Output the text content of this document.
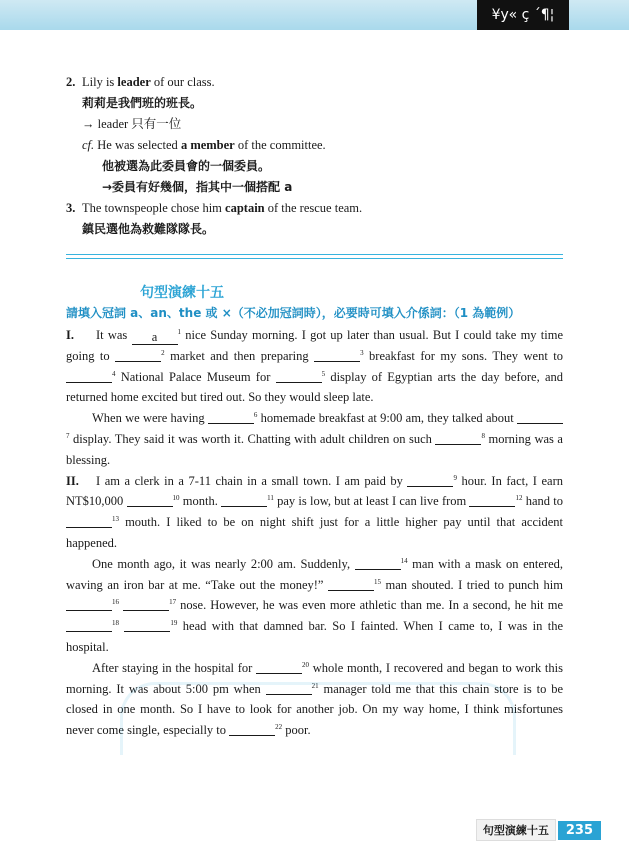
¥y« ç ´¶¦
2. Lily is leader of our class.
莉莉是我們班的班長。
→ leader 只有一位
cf. He was selected a member of the committee.
他被選為此委員會的一個委員。
→委員有好幾個，指其中一個搭配 a
3. The townspeople chose him captain of the rescue team.
鎮民選他為救難隊隊長。
句型演練十五
請填入冠詞 a、an、the 或 ×（不必加冠詞時），必要時可填入介係詞：（1 為範例）

I. It was a	$^1$ nice Sunday morning. I got up later than usual. But I could take my time going to	$^2$ market and then preparing	$^3$ breakfast for my sons. They went to $^4$ National Palace Museum for	$^5$ display of Egyptian arts the day before, and returned home excited but tired out. So they would sleep late.

When we were having	$^6$ homemade breakfast at 9:00 am, they talked about $^7$ display. They said it was worth it. Chatting with adult children on such	$^8$ morning was a blessing.

II. I am a clerk in a 7-11 chain in a small town. I am paid by	$^9$ hour. In fact, I earn NT$10,000	$^{10}$ month.	$^{11}$ pay is low, but at least I can live from	$^{12}$ hand to $^{13}$ mouth. I liked to be on night shift just for a little higher pay until that accident happened.

One month ago, it was nearly 2:00 am. Suddenly,	$^{14}$ man with a mask on entered, waving an iron bar at me. “Take out the money!”	$^{15}$ man shouted. I tried to punch him $^{16}$	$^{17}$ nose. However, he was even more athletic than me. In a second, he hit me $^{18}$	$^{19}$ head with that damned bar. So I fainted. When I came to, I was in the hospital.

After staying in the hospital for	$^{20}$ whole month, I recovered and began to work this morning. It was about 5:00 pm when	$^{21}$ manager told me that this chain store is to be closed in one month. So I have to look for another job. On my way home, I think misfortunes never come single, especially to	$^{22}$ poor.

句型演練十五	235
